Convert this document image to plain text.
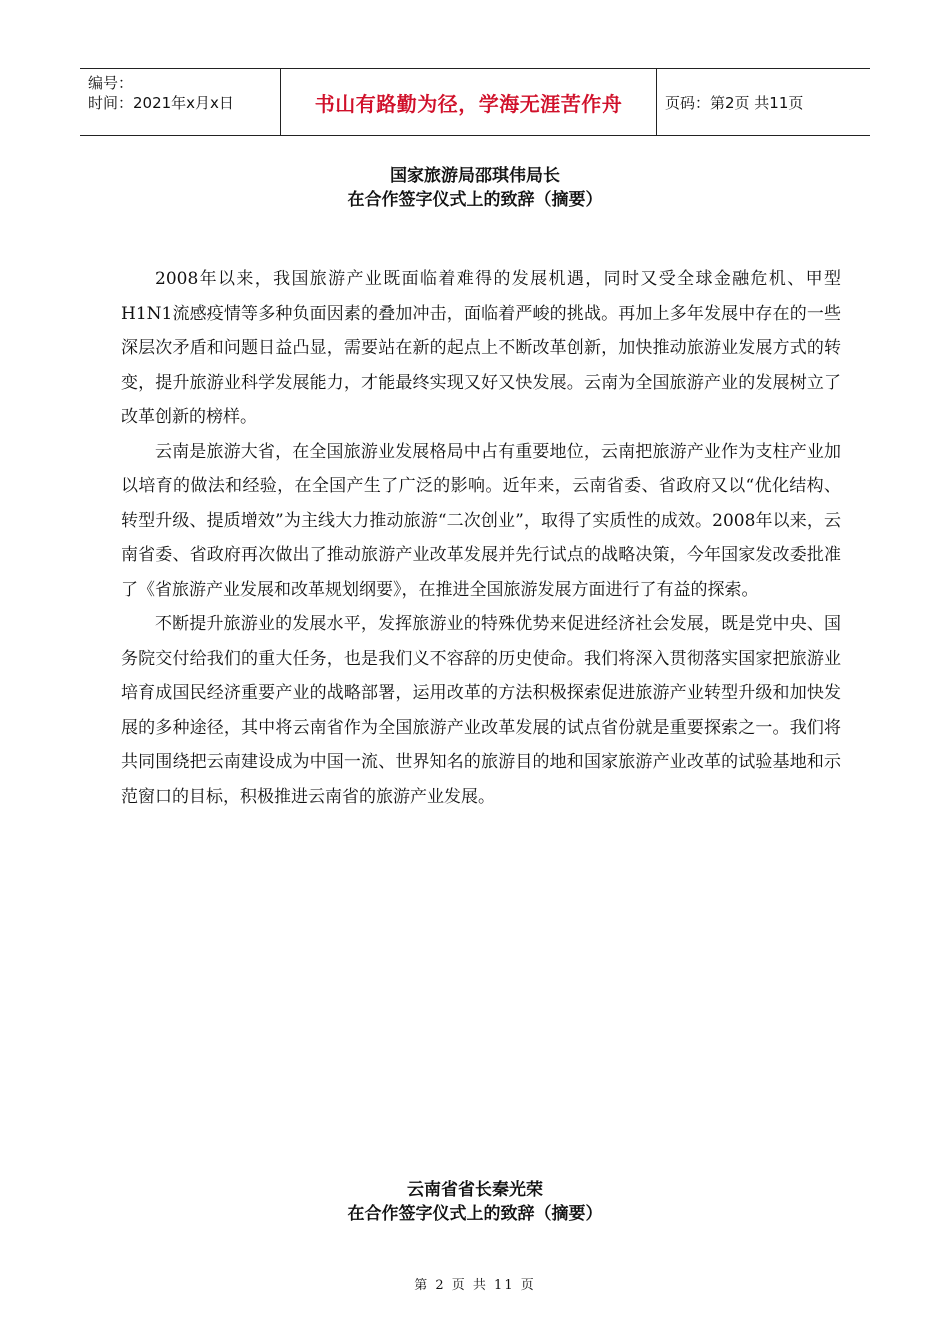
编号：
时间：2021年x月x日	书山有路勤为径，学海无涯苦作舟	页码：第2页 共11页
国家旅游局邵琪伟局长
在合作签字仪式上的致辞（摘要）

2008年以来，我国旅游产业既面临着难得的发展机遇，同时又受全球金融危机、甲型H1N1流感疫情等多种负面因素的叠加冲击，面临着严峻的挑战。再加上多年发展中存在的一些深层次矛盾和问题日益凸显，需要站在新的起点上不断改革创新，加快推动旅游业发展方式的转变，提升旅游业科学发展能力，才能最终实现又好又快发展。云南为全国旅游产业的发展树立了改革创新的榜样。

云南是旅游大省，在全国旅游业发展格局中占有重要地位，云南把旅游产业作为支柱产业加以培育的做法和经验，在全国产生了广泛的影响。近年来，云南省委、省政府又以“优化结构、转型升级、提质增效”为主线大力推动旅游“二次创业”，取得了实质性的成效。2008年以来，云南省委、省政府再次做出了推动旅游产业改革发展并先行试点的战略决策，今年国家发改委批准了《省旅游产业发展和改革规划纲要》，在推进全国旅游发展方面进行了有益的探索。

不断提升旅游业的发展水平，发挥旅游业的特殊优势来促进经济社会发展，既是党中央、国务院交付给我们的重大任务，也是我们义不容辞的历史使命。我们将深入贯彻落实国家把旅游业培育成国民经济重要产业的战略部署，运用改革的方法积极探索促进旅游产业转型升级和加快发展的多种途径，其中将云南省作为全国旅游产业改革发展的试点省份就是重要探索之一。我们将共同围绕把云南建设成为中国一流、世界知名的旅游目的地和国家旅游产业改革的试验基地和示范窗口的目标，积极推进云南省的旅游产业发展。

云南省省长秦光荣
在合作签字仪式上的致辞（摘要）
第 2 页 共 11 页
